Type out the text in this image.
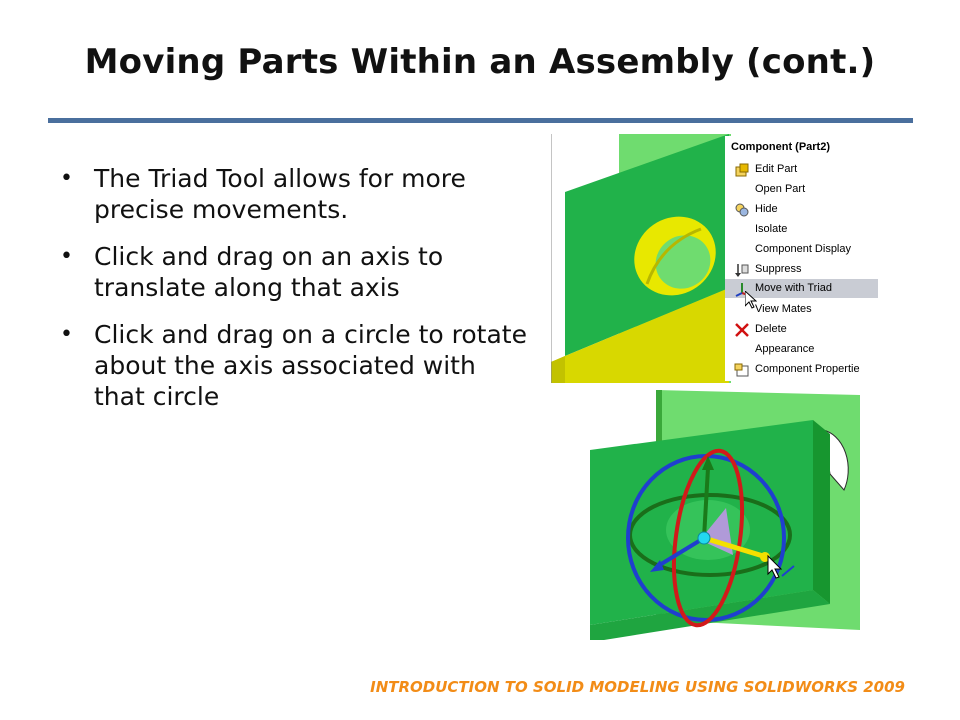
Moving Parts Within an Assembly (cont.)
• The Triad Tool allows for more precise movements.
• Click and drag on an axis to translate along that axis
• Click and drag on a circle to rotate about the axis associated with that circle
Component (Part2)
Edit Part
Open Part
Hide
Isolate
Component Display
Suppress
Move with Triad
View Mates
Delete
Appearance
Component Propertie
INTRODUCTION TO SOLID MODELING USING SOLIDWORKS 2009
